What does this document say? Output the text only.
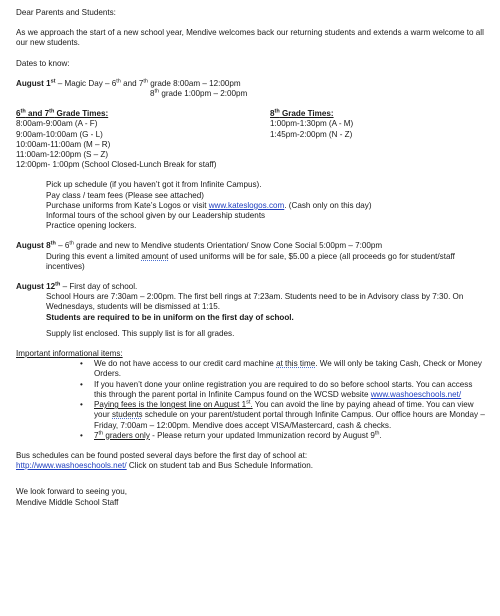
Dear Parents and Students:

As we approach the start of a new school year, Mendive welcomes back our returning students and extends a warm welcome to all our new students.

Dates to know:

August 1st – Magic Day – 6th and 7th grade 8:00am – 12:00pm

8th grade 1:00pm – 2:00pm

6th and 7th Grade Times:

8:00am-9:00am (A - F)

9:00am-10:00am (G - L)

10:00am-11:00am (M – R)

11:00am-12:00pm (S – Z)

12:00pm- 1:00pm (School Closed-Lunch Break for staff)

8th Grade Times:

1:00pm-1:30pm (A - M)

1:45pm-2:00pm (N - Z)

Pick up schedule (if you haven’t got it from Infinite Campus).

Pay class / team fees (Please see attached)

Purchase uniforms from Kate’s Logos or visit www.kateslogos.com. (Cash only on this day)

Informal tours of the school given by our Leadership students

Practice opening lockers.

August 8th – 6th grade and new to Mendive students Orientation/ Snow Cone Social 5:00pm – 7:00pm

During this event a limited amount of used uniforms will be for sale, $5.00 a piece (all proceeds go for student/staff incentives)

August 12th – First day of school.

School Hours are 7:30am – 2:00pm. The first bell rings at 7:23am. Students need to be in Advisory class by 7:30. On Wednesdays, students will be dismissed at 1:15.

Students are required to be in uniform on the first day of school.

Supply list enclosed. This supply list is for all grades.

Important informational items:

• We do not have access to our credit card machine at this time. We will only be taking Cash, Check or Money Orders.
• If you haven’t done your online registration you are required to do so before school starts. You can access this through the parent portal in Infinite Campus found on the WCSD website www.washoeschools.net/
• Paying fees is the longest line on August 1st. You can avoid the line by paying ahead of time. You can view your students schedule on your parent/student portal through Infinite Campus. Our office hours are Monday – Friday, 7:00am – 12:00pm. Mendive does accept VISA/Mastercard, cash & checks.
• 7th graders only - Please return your updated Immunization record by August 9th.

Bus schedules can be found posted several days before the first day of school at:

http://www.washoeschools.net/ Click on student tab and Bus Schedule Information.

We look forward to seeing you,

Mendive Middle School Staff
